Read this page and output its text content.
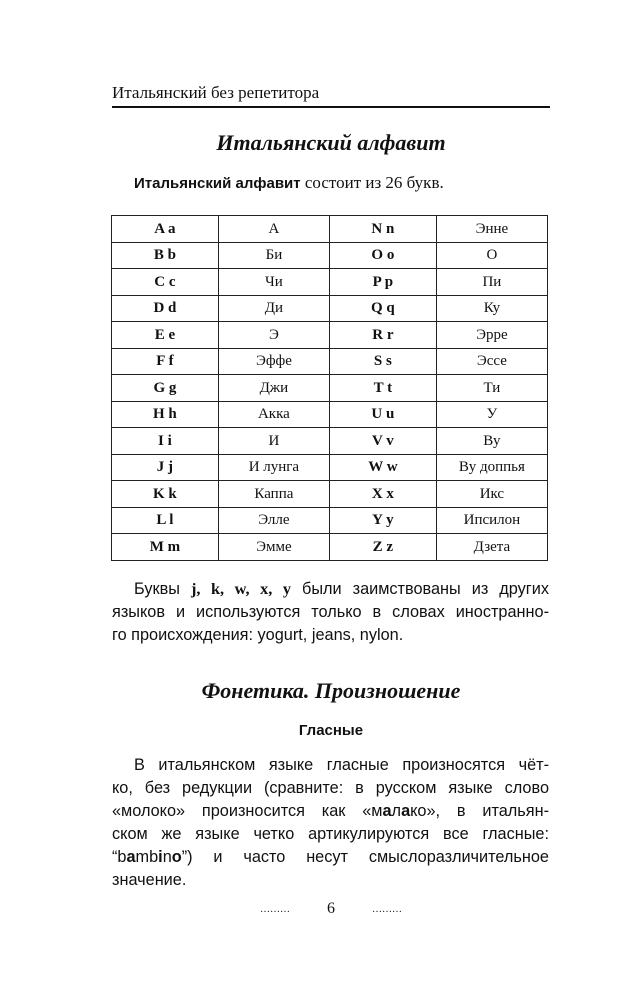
Итальянский без репетитора
Итальянский алфавит
Итальянский алфавит состоит из 26 букв.
A a	А	N n	Энне
B b	Би	O o	О
C c	Чи	P p	Пи
D d	Ди	Q q	Ку
E e	Э	R r	Эрре
F f	Эффе	S s	Эссе
G g	Джи	T t	Ти
H h	Акка	U u	У
I i	И	V v	Ву
J j	И лунга	W w	Ву доппья
K k	Каппа	X x	Икс
L l	Элле	Y y	Ипсилон
M m	Эмме	Z z	Дзета
Буквы j, k, w, x, y были заимствованы из других
языков и используются только в словах иностранно-
го происхождения: yogurt, jeans, nylon.
Фонетика. Произношение
Гласные
В итальянском языке гласные произносятся чёт-
ко, без редукции (сравните: в русском языке слово
«молоко» произносится как «малако», в итальян-
ском же языке четко артикулируются все гласные:
“bambino”) и часто несут смыслоразличительное
значение.
……… 6	………
